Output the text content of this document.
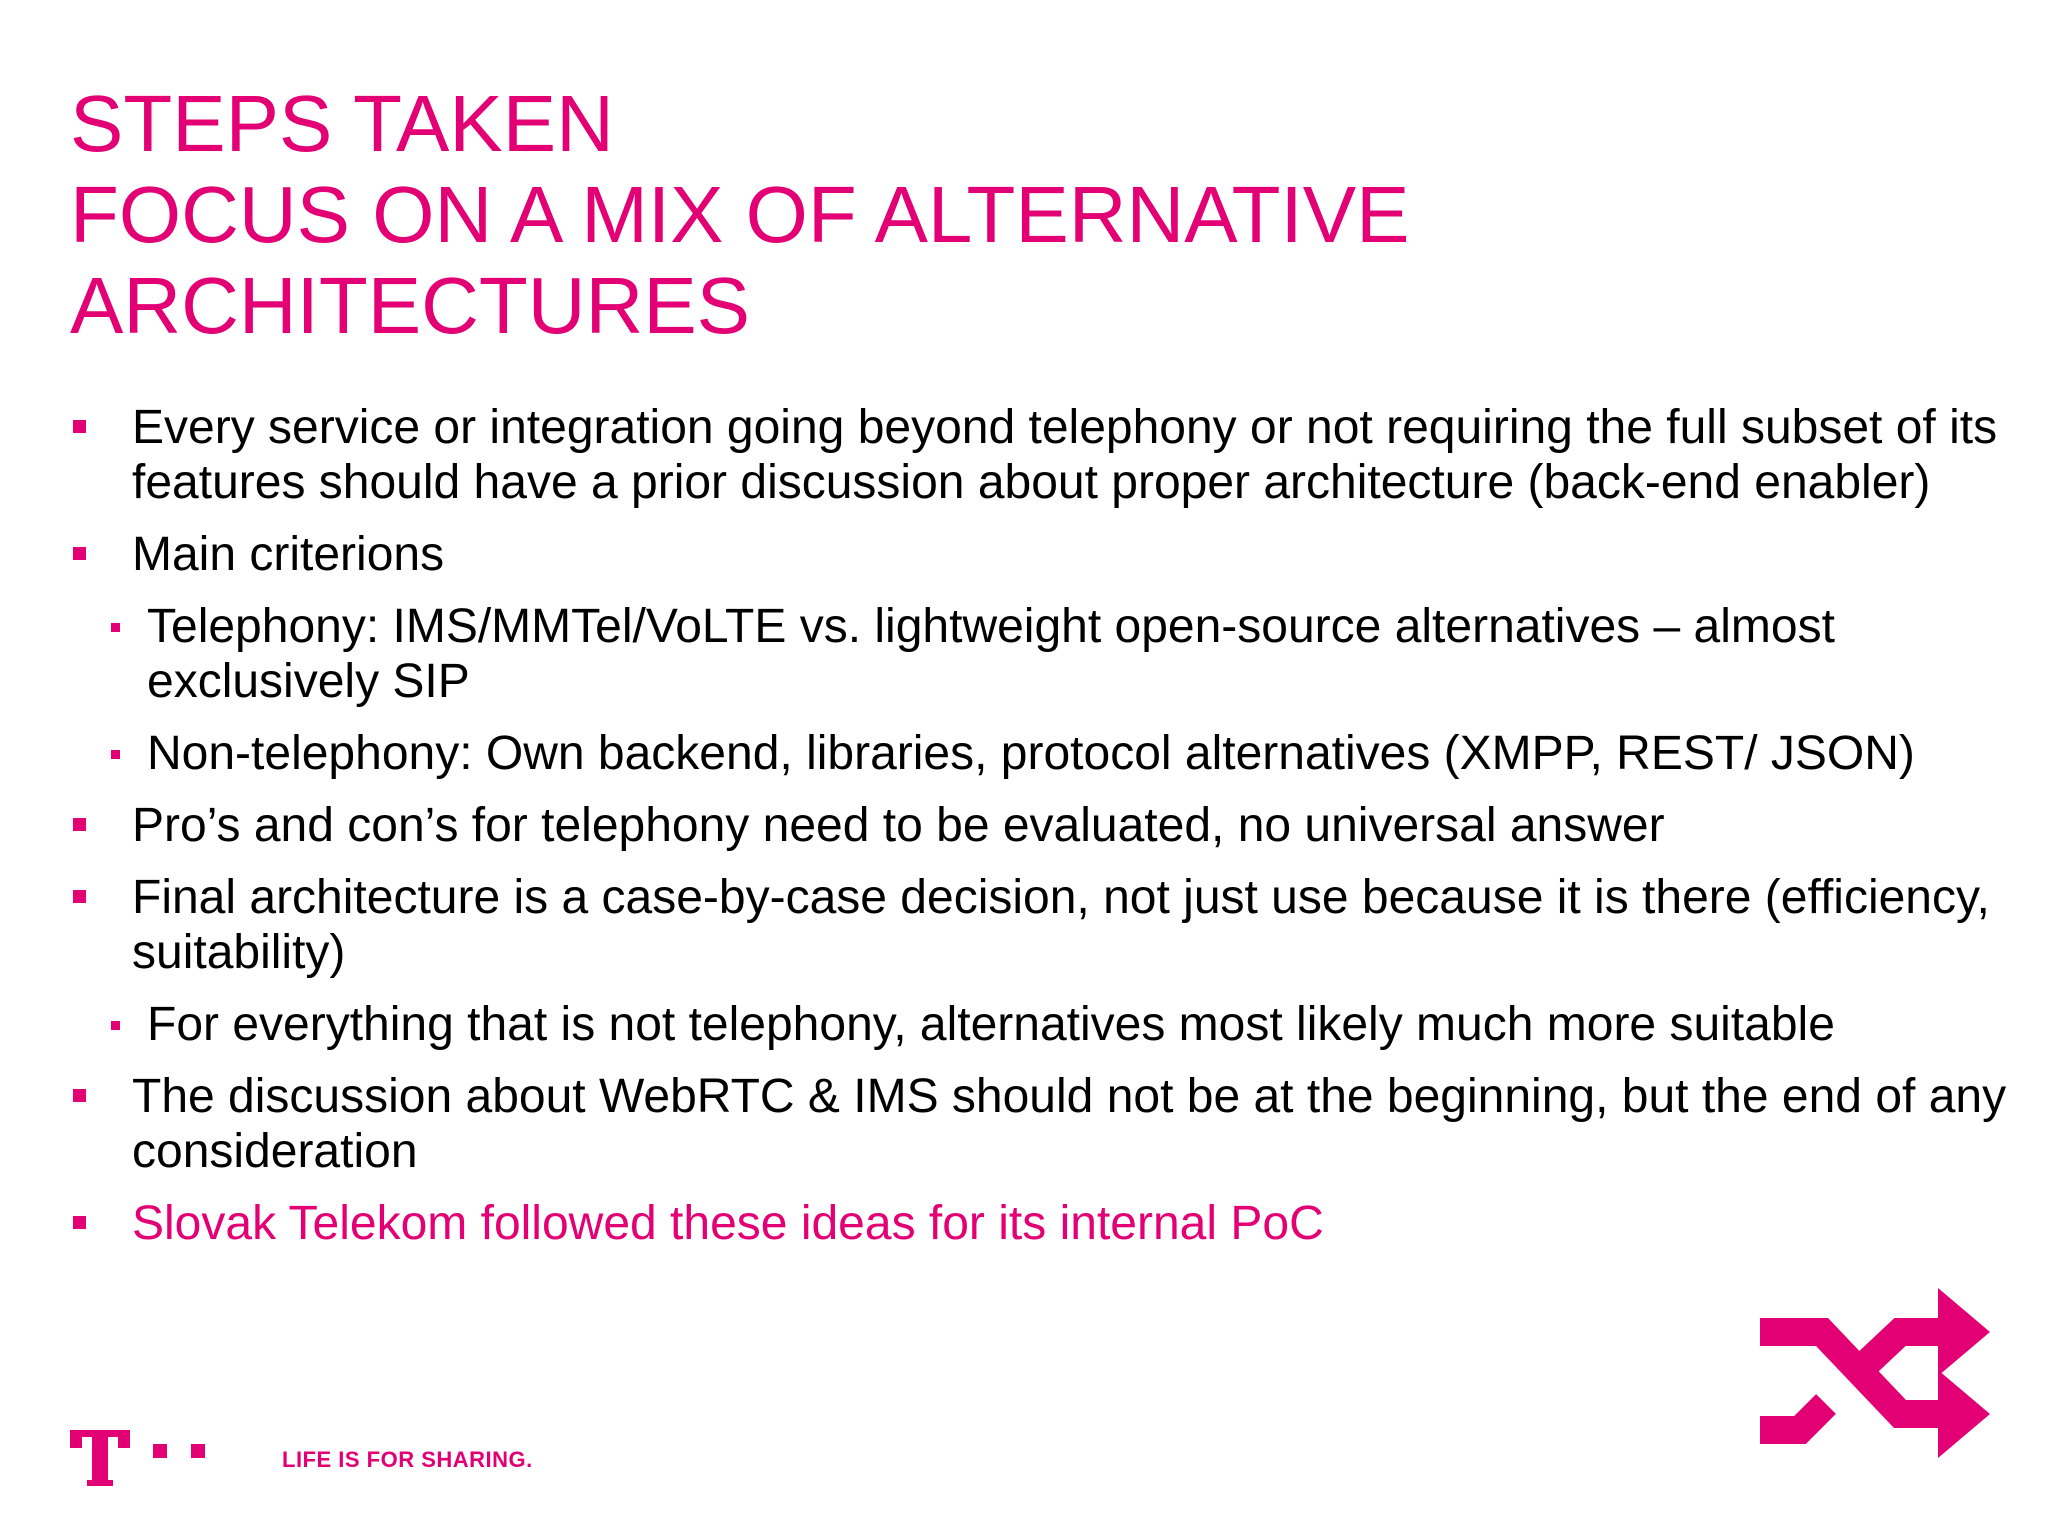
STEPS TAKEN
FOCUS ON A MIX OF ALTERNATIVE
ARCHITECTURES
Every service or integration going beyond telephony or not requiring the full subset of its features should have a prior discussion about proper architecture (back-end enabler)
Main criterions
Telephony: IMS/MMTel/VoLTE vs. lightweight open-source alternatives – almost exclusively SIP
Non-telephony: Own backend, libraries, protocol alternatives (XMPP, REST/ JSON)
Pro’s and con’s for telephony need to be evaluated, no universal answer
Final architecture is a case-by-case decision, not just use because it is there (efficiency, suitability)
For everything that is not telephony, alternatives most likely much more suitable
The discussion about WebRTC & IMS should not be at the beginning, but the end of any consideration
Slovak Telekom followed these ideas for its internal PoC
LIFE IS FOR SHARING.
